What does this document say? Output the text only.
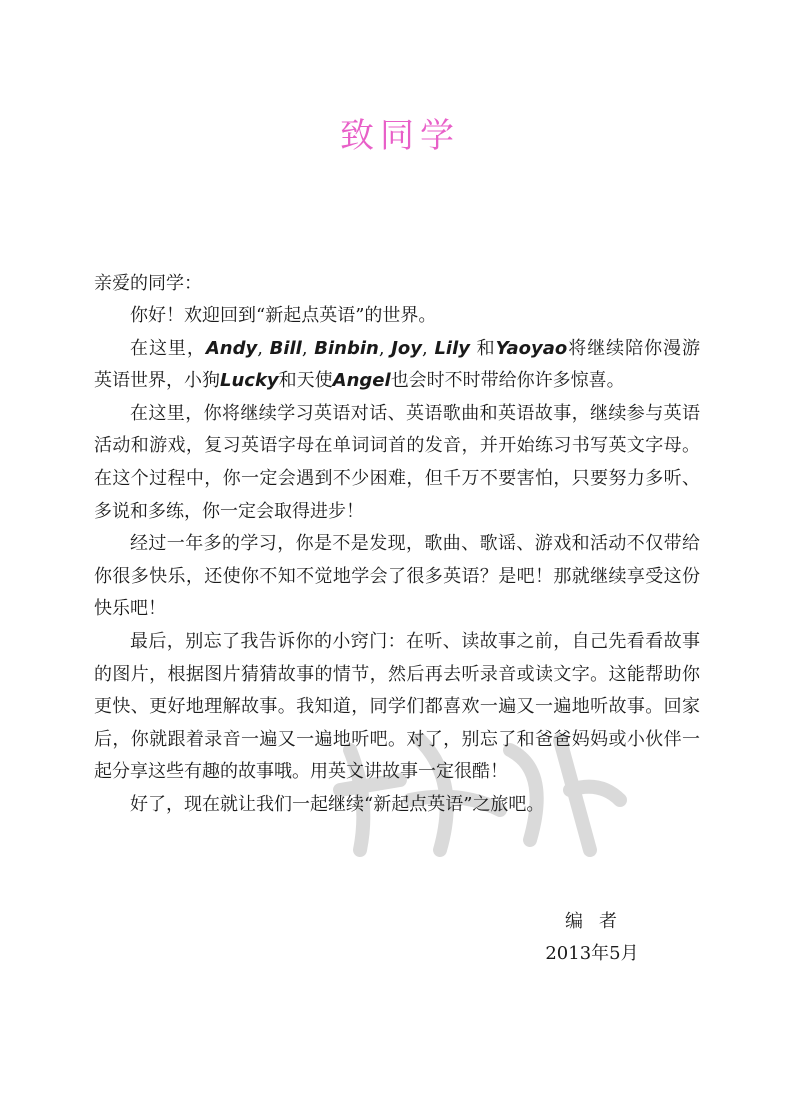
致同学
亲爱的同学：

你好！欢迎回到“新起点英语”的世界。

在这里，Andy, Bill, Binbin, Joy, Lily 和Yaoyao将继续陪你漫游英语世界，小狗Lucky和天使Angel也会时不时带给你许多惊喜。

在这里，你将继续学习英语对话、英语歌曲和英语故事，继续参与英语活动和游戏，复习英语字母在单词词首的发音，并开始练习书写英文字母。在这个过程中，你一定会遇到不少困难，但千万不要害怕，只要努力多听、多说和多练，你一定会取得进步！

经过一年多的学习，你是不是发现，歌曲、歌谣、游戏和活动不仅带给你很多快乐，还使你不知不觉地学会了很多英语？是吧！那就继续享受这份快乐吧！

最后，别忘了我告诉你的小窍门：在听、读故事之前，自己先看看故事的图片，根据图片猜猜故事的情节，然后再去听录音或读文字。这能帮助你更快、更好地理解故事。我知道，同学们都喜欢一遍又一遍地听故事。回家后，你就跟着录音一遍又一遍地听吧。对了，别忘了和爸爸妈妈或小伙伴一起分享这些有趣的故事哦。用英文讲故事一定很酷！

好了，现在就让我们一起继续“新起点英语”之旅吧。

编者
2013年5月
